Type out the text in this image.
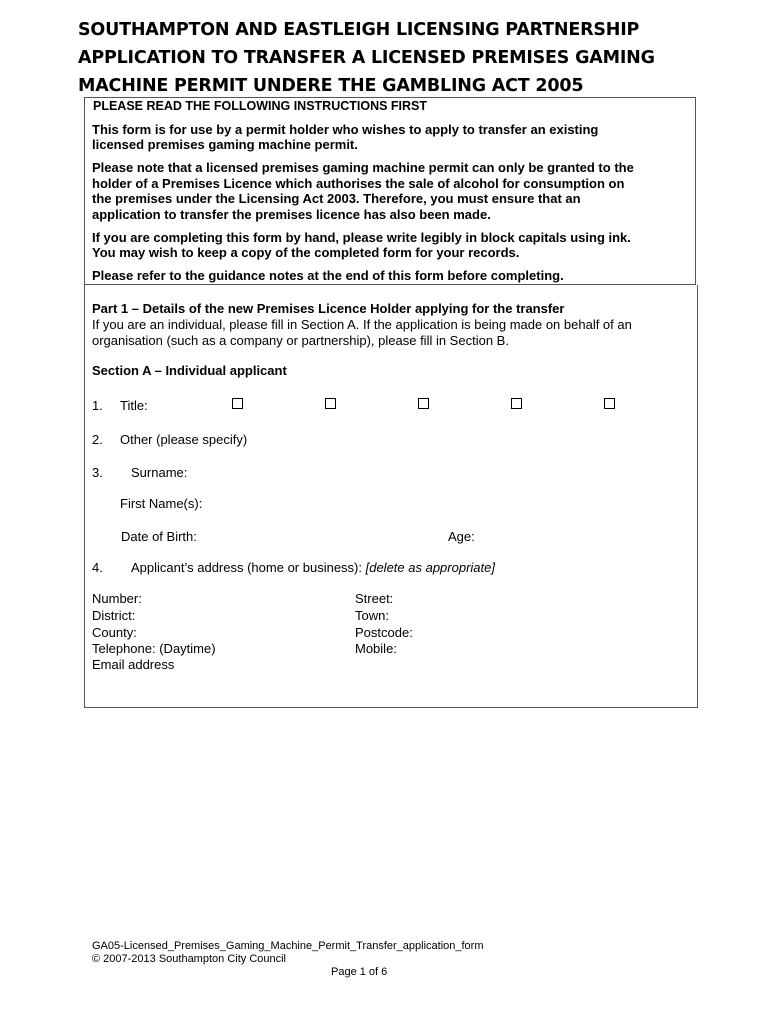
SOUTHAMPTON AND EASTLEIGH LICENSING PARTNERSHIP
APPLICATION TO TRANSFER A LICENSED PREMISES GAMING
MACHINE PERMIT UNDERE THE GAMBLING ACT 2005
PLEASE READ THE FOLLOWING INSTRUCTIONS FIRST
This form is for use by a permit holder who wishes to apply to transfer an existing
licensed premises gaming machine permit.
Please note that a licensed premises gaming machine permit can only be granted to the
holder of a Premises Licence which authorises the sale of alcohol for consumption on
the premises under the Licensing Act 2003. Therefore, you must ensure that an
application to transfer the premises licence has also been made.
If you are completing this form by hand, please write legibly in block capitals using ink.
You may wish to keep a copy of the completed form for your records.
Please refer to the guidance notes at the end of this form before completing.
Part 1 – Details of the new Premises Licence Holder applying for the transfer
If you are an individual, please fill in Section A. If the application is being made on behalf of an
organisation (such as a company or partnership), please fill in Section B.
Section A – Individual applicant
1. Title:
2. Other (please specify)
3. Surname:
First Name(s):
Date of Birth:	Age:
4. Applicant’s address (home or business): [delete as appropriate]
Number:
District:
County:
Telephone: (Daytime)
Email address
Street:
Town:
Postcode:
Mobile:
GA05-Licensed_Premises_Gaming_Machine_Permit_Transfer_application_form
© 2007-2013 Southampton City Council
Page 1 of 6
